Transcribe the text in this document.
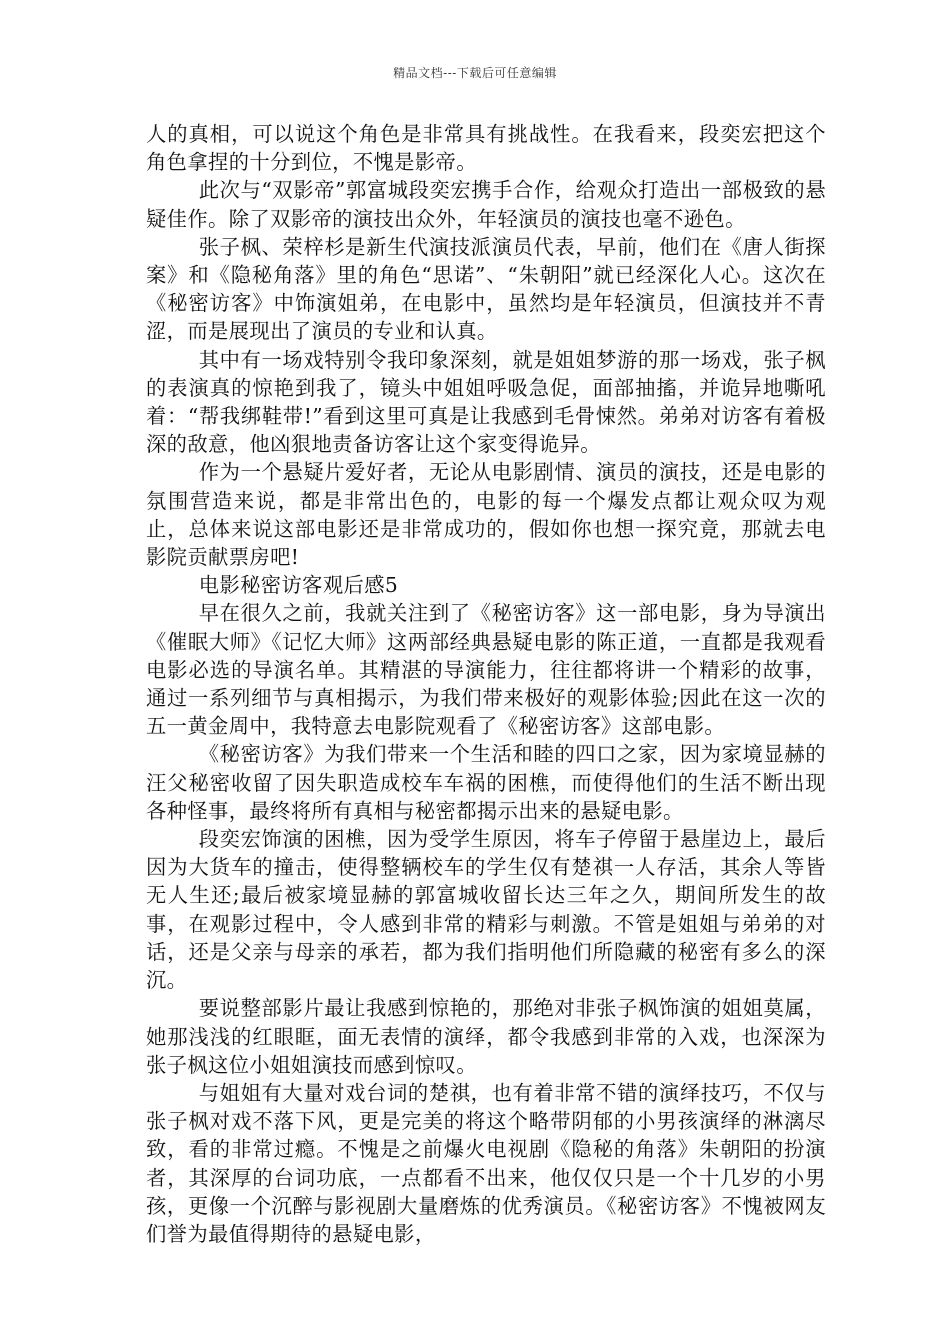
精品文档---下载后可任意编辑

人的真相，可以说这个角色是非常具有挑战性。在我看来，段奕宏把这个角色拿捏的十分到位，不愧是影帝。

此次与“双影帝”郭富城段奕宏携手合作，给观众打造出一部极致的悬疑佳作。除了双影帝的演技出众外，年轻演员的演技也毫不逊色。

张子枫、荣梓杉是新生代演技派演员代表，早前，他们在《唐人街探案》和《隐秘角落》里的角色“思诺”、“朱朝阳”就已经深化人心。这次在《秘密访客》中饰演姐弟，在电影中，虽然均是年轻演员，但演技并不青涩，而是展现出了演员的专业和认真。

其中有一场戏特别令我印象深刻，就是姐姐梦游的那一场戏，张子枫的表演真的惊艳到我了，镜头中姐姐呼吸急促，面部抽搐，并诡异地嘶吼着：“帮我绑鞋带!”看到这里可真是让我感到毛骨悚然。弟弟对访客有着极深的敌意，他凶狠地责备访客让这个家变得诡异。

作为一个悬疑片爱好者，无论从电影剧情、演员的演技，还是电影的氛围营造来说，都是非常出色的，电影的每一个爆发点都让观众叹为观止，总体来说这部电影还是非常成功的，假如你也想一探究竟，那就去电影院贡献票房吧!

电影秘密访客观后感5

早在很久之前，我就关注到了《秘密访客》这一部电影，身为导演出《催眠大师》《记忆大师》这两部经典悬疑电影的陈正道，一直都是我观看电影必选的导演名单。其精湛的导演能力，往往都将讲一个精彩的故事，通过一系列细节与真相揭示，为我们带来极好的观影体验;因此在这一次的五一黄金周中，我特意去电影院观看了《秘密访客》这部电影。

《秘密访客》为我们带来一个生活和睦的四口之家，因为家境显赫的汪父秘密收留了因失职造成校车车祸的困樵，而使得他们的生活不断出现各种怪事，最终将所有真相与秘密都揭示出来的悬疑电影。

段奕宏饰演的困樵，因为受学生原因，将车子停留于悬崖边上，最后因为大货车的撞击，使得整辆校车的学生仅有楚祺一人存活，其余人等皆无人生还;最后被家境显赫的郭富城收留长达三年之久，期间所发生的故事，在观影过程中，令人感到非常的精彩与刺激。不管是姐姐与弟弟的对话，还是父亲与母亲的承若，都为我们指明他们所隐藏的秘密有多么的深沉。

要说整部影片最让我感到惊艳的，那绝对非张子枫饰演的姐姐莫属，她那浅浅的红眼眶，面无表情的演绎，都令我感到非常的入戏，也深深为张子枫这位小姐姐演技而感到惊叹。

与姐姐有大量对戏台词的楚祺，也有着非常不错的演绎技巧，不仅与张子枫对戏不落下风，更是完美的将这个略带阴郁的小男孩演绎的淋漓尽致，看的非常过瘾。不愧是之前爆火电视剧《隐秘的角落》朱朝阳的扮演者，其深厚的台词功底，一点都看不出来，他仅仅只是一个十几岁的小男孩，更像一个沉醉与影视剧大量磨炼的优秀演员。《秘密访客》不愧被网友们誉为最值得期待的悬疑电影，
